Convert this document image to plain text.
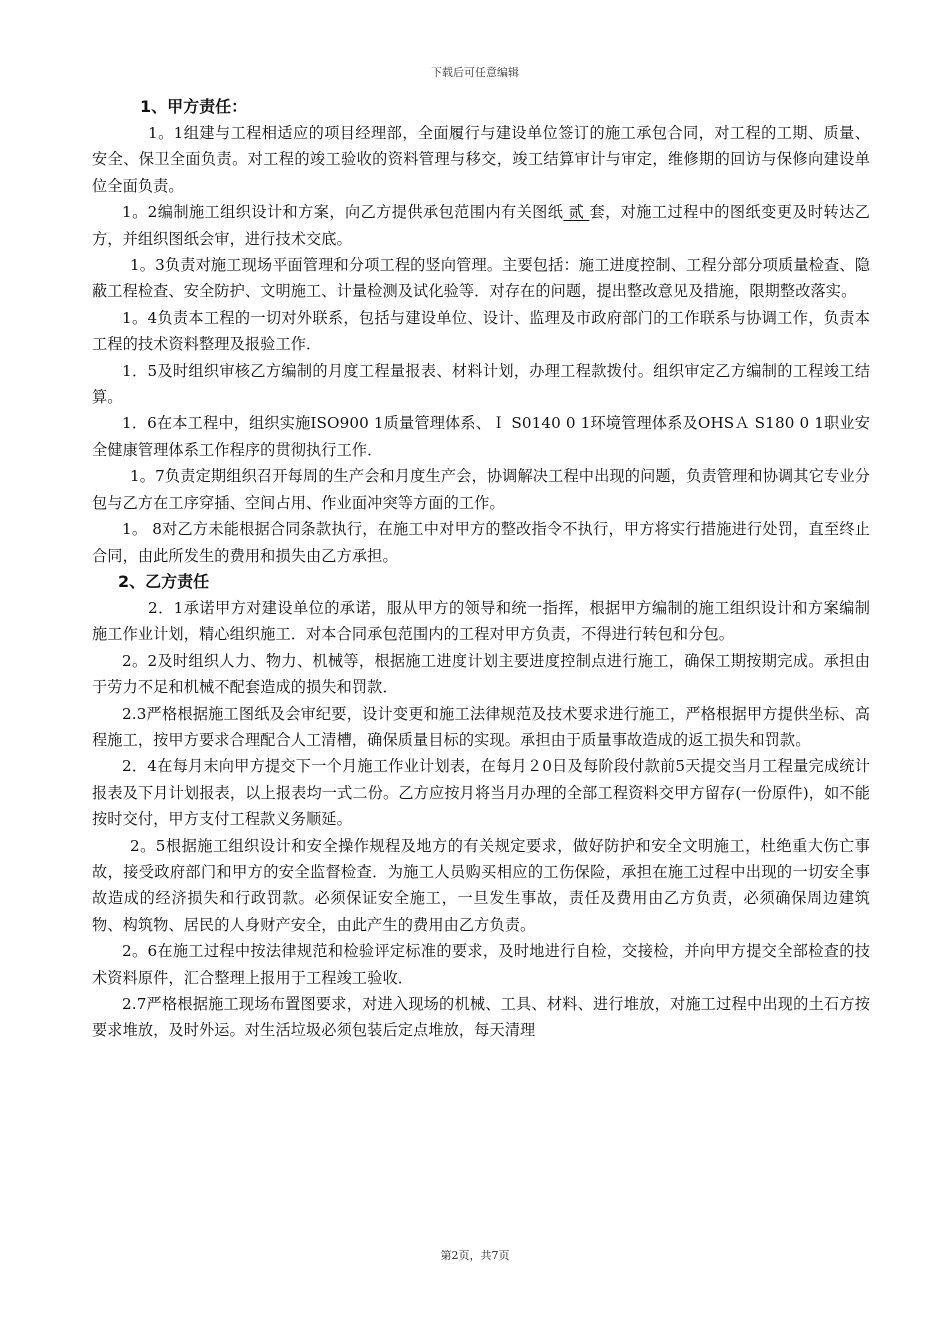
下载后可任意编辑

1、甲方责任：

1。1组建与工程相适应的项目经理部，全面履行与建设单位签订的施工承包合同，对工程的工期、质量、安全、保卫全面负责。对工程的竣工验收的资料管理与移交，竣工结算审计与审定，维修期的回访与保修向建设单位全面负责。

1。2编制施工组织设计和方案，向乙方提供承包范围内有关图纸 贰 套，对施工过程中的图纸变更及时转达乙方，并组织图纸会审，进行技术交底。

1。3负责对施工现场平面管理和分项工程的竖向管理。主要包括：施工进度控制、工程分部分项质量检查、隐蔽工程检查、安全防护、文明施工、计量检测及试化验等．对存在的问题，提出整改意见及措施，限期整改落实。

1。4负责本工程的一切对外联系，包括与建设单位、设计、监理及市政府部门的工作联系与协调工作，负责本工程的技术资料整理及报验工作．

1．5及时组织审核乙方编制的月度工程量报表、材料计划，办理工程款拨付。组织审定乙方编制的工程竣工结算。

1．6在本工程中，组织实施ISO900 1质量管理体系、Ｉ S0140 0 1环境管理体系及OHSＡ S180 0 1职业安全健康管理体系工作程序的贯彻执行工作．

1。7负责定期组织召开每周的生产会和月度生产会，协调解决工程中出现的问题，负责管理和协调其它专业分包与乙方在工序穿插、空间占用、作业面冲突等方面的工作。

1。 8对乙方未能根据合同条款执行，在施工中对甲方的整改指令不执行，甲方将实行措施进行处罚，直至终止合同，由此所发生的费用和损失由乙方承担。

2、乙方责任

2．1承诺甲方对建设单位的承诺，服从甲方的领导和统一指挥，根据甲方编制的施工组织设计和方案编制施工作业计划，精心组织施工．对本合同承包范围内的工程对甲方负责，不得进行转包和分包。

2。2及时组织人力、物力、机械等，根据施工进度计划主要进度控制点进行施工，确保工期按期完成。承担由于劳力不足和机械不配套造成的损失和罚款．

2.3严格根据施工图纸及会审纪要，设计变更和施工法律规范及技术要求进行施工，严格根据甲方提供坐标、高程施工，按甲方要求合理配合人工清槽，确保质量目标的实现。承担由于质量事故造成的返工损失和罚款。

2．4在每月末向甲方提交下一个月施工作业计划表，在每月２0日及每阶段付款前5天提交当月工程量完成统计报表及下月计划报表，以上报表均一式二份。乙方应按月将当月办理的全部工程资料交甲方留存(一份原件)，如不能按时交付，甲方支付工程款义务顺延。

2。5根据施工组织设计和安全操作规程及地方的有关规定要求，做好防护和安全文明施工，杜绝重大伤亡事故，接受政府部门和甲方的安全监督检查．为施工人员购买相应的工伤保险，承担在施工过程中出现的一切安全事故造成的经济损失和行政罚款。必须保证安全施工，一旦发生事故，责任及费用由乙方负责，必须确保周边建筑物、构筑物、居民的人身财产安全，由此产生的费用由乙方负责。

2。6在施工过程中按法律规范和检验评定标准的要求，及时地进行自检，交接检，并向甲方提交全部检查的技术资料原件，汇合整理上报用于工程竣工验收．

2.7严格根据施工现场布置图要求，对进入现场的机械、工具、材料、进行堆放，对施工过程中出现的土石方按要求堆放，及时外运。对生活垃圾必须包装后定点堆放，每天清理

第2页，共7页
